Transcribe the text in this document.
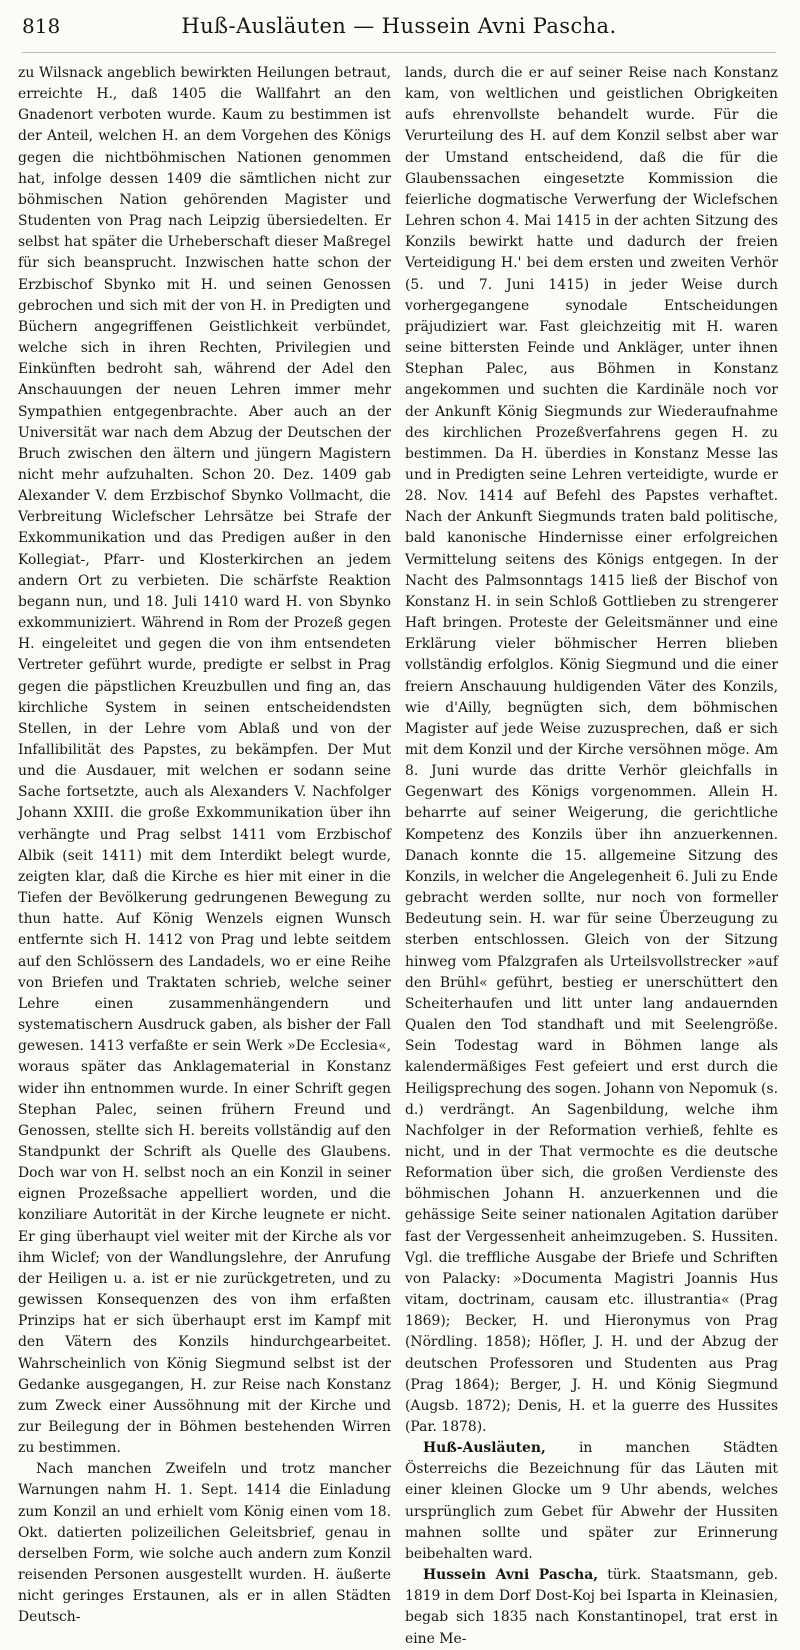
818	Huß-Ausläuten — Hussein Avni Pascha.

zu Wilsnack angeblich bewirkten Heilungen betraut, erreichte H., daß 1405 die Wallfahrt an den Gnadenort verboten wurde. Kaum zu bestimmen ist der Anteil, welchen H. an dem Vorgehen des Königs gegen die nichtböhmischen Nationen genommen hat, infolge dessen 1409 die sämtlichen nicht zur böhmischen Nation gehörenden Magister und Studenten von Prag nach Leipzig übersiedelten. Er selbst hat später die Urheberschaft dieser Maßregel für sich beansprucht. Inzwischen hatte schon der Erzbischof Sbynko mit H. und seinen Genossen gebrochen und sich mit der von H. in Predigten und Büchern angegriffenen Geistlichkeit verbündet, welche sich in ihren Rechten, Privilegien und Einkünften bedroht sah, während der Adel den Anschauungen der neuen Lehren immer mehr Sympathien entgegenbrachte. Aber auch an der Universität war nach dem Abzug der Deutschen der Bruch zwischen den ältern und jüngern Magistern nicht mehr aufzuhalten. Schon 20. Dez. 1409 gab Alexander V. dem Erzbischof Sbynko Vollmacht, die Verbreitung Wiclefscher Lehrsätze bei Strafe der Exkommunikation und das Predigen außer in den Kollegiat-, Pfarr- und Klosterkirchen an jedem andern Ort zu verbieten. Die schärfste Reaktion begann nun, und 18. Juli 1410 ward H. von Sbynko exkommuniziert. Während in Rom der Prozeß gegen H. eingeleitet und gegen die von ihm entsendeten Vertreter geführt wurde, predigte er selbst in Prag gegen die päpstlichen Kreuzbullen und fing an, das kirchliche System in seinen entscheidendsten Stellen, in der Lehre vom Ablaß und von der Infallibilität des Papstes, zu bekämpfen. Der Mut und die Ausdauer, mit welchen er sodann seine Sache fortsetzte, auch als Alexanders V. Nachfolger Johann XXIII. die große Exkommunikation über ihn verhängte und Prag selbst 1411 vom Erzbischof Albik (seit 1411) mit dem Interdikt belegt wurde, zeigten klar, daß die Kirche es hier mit einer in die Tiefen der Bevölkerung gedrungenen Bewegung zu thun hatte. Auf König Wenzels eignen Wunsch entfernte sich H. 1412 von Prag und lebte seitdem auf den Schlössern des Landadels, wo er eine Reihe von Briefen und Traktaten schrieb, welche seiner Lehre einen zusammenhängendern und systematischern Ausdruck gaben, als bisher der Fall gewesen. 1413 verfaßte er sein Werk »De Ecclesia«, woraus später das Anklagematerial in Konstanz wider ihn entnommen wurde. In einer Schrift gegen Stephan Palec, seinen frühern Freund und Genossen, stellte sich H. bereits vollständig auf den Standpunkt der Schrift als Quelle des Glaubens. Doch war von H. selbst noch an ein Konzil in seiner eignen Prozeßsache appelliert worden, und die konziliare Autorität in der Kirche leugnete er nicht. Er ging überhaupt viel weiter mit der Kirche als vor ihm Wiclef; von der Wandlungslehre, der Anrufung der Heiligen u. a. ist er nie zurückgetreten, und zu gewissen Konsequenzen des von ihm erfaßten Prinzips hat er sich überhaupt erst im Kampf mit den Vätern des Konzils hindurchgearbeitet. Wahrscheinlich von König Siegmund selbst ist der Gedanke ausgegangen, H. zur Reise nach Konstanz zum Zweck einer Aussöhnung mit der Kirche und zur Beilegung der in Böhmen bestehenden Wirren zu bestimmen.

Nach manchen Zweifeln und trotz mancher Warnungen nahm H. 1. Sept. 1414 die Einladung zum Konzil an und erhielt vom König einen vom 18. Okt. datierten polizeilichen Geleitsbrief, genau in derselben Form, wie solche auch andern zum Konzil reisenden Personen ausgestellt wurden. H. äußerte nicht geringes Erstaunen, als er in allen Städten Deutsch-

lands, durch die er auf seiner Reise nach Konstanz kam, von weltlichen und geistlichen Obrigkeiten aufs ehrenvollste behandelt wurde. Für die Verurteilung des H. auf dem Konzil selbst aber war der Umstand entscheidend, daß die für die Glaubenssachen eingesetzte Kommission die feierliche dogmatische Verwerfung der Wiclefschen Lehren schon 4. Mai 1415 in der achten Sitzung des Konzils bewirkt hatte und dadurch der freien Verteidigung H.' bei dem ersten und zweiten Verhör (5. und 7. Juni 1415) in jeder Weise durch vorhergegangene synodale Entscheidungen präjudiziert war. Fast gleichzeitig mit H. waren seine bittersten Feinde und Ankläger, unter ihnen Stephan Palec, aus Böhmen in Konstanz angekommen und suchten die Kardinäle noch vor der Ankunft König Siegmunds zur Wiederaufnahme des kirchlichen Prozeßverfahrens gegen H. zu bestimmen. Da H. überdies in Konstanz Messe las und in Predigten seine Lehren verteidigte, wurde er 28. Nov. 1414 auf Befehl des Papstes verhaftet. Nach der Ankunft Siegmunds traten bald politische, bald kanonische Hindernisse einer erfolgreichen Vermittelung seitens des Königs entgegen. In der Nacht des Palmsonntags 1415 ließ der Bischof von Konstanz H. in sein Schloß Gottlieben zu strengerer Haft bringen. Proteste der Geleitsmänner und eine Erklärung vieler böhmischer Herren blieben vollständig erfolglos. König Siegmund und die einer freiern Anschauung huldigenden Väter des Konzils, wie d'Ailly, begnügten sich, dem böhmischen Magister auf jede Weise zuzusprechen, daß er sich mit dem Konzil und der Kirche versöhnen möge. Am 8. Juni wurde das dritte Verhör gleichfalls in Gegenwart des Königs vorgenommen. Allein H. beharrte auf seiner Weigerung, die gerichtliche Kompetenz des Konzils über ihn anzuerkennen. Danach konnte die 15. allgemeine Sitzung des Konzils, in welcher die Angelegenheit 6. Juli zu Ende gebracht werden sollte, nur noch von formeller Bedeutung sein. H. war für seine Überzeugung zu sterben entschlossen. Gleich von der Sitzung hinweg vom Pfalzgrafen als Urteilsvollstrecker »auf den Brühl« geführt, bestieg er unerschüttert den Scheiterhaufen und litt unter lang andauernden Qualen den Tod standhaft und mit Seelengröße. Sein Todestag ward in Böhmen lange als kalendermäßiges Fest gefeiert und erst durch die Heiligsprechung des sogen. Johann von Nepomuk (s. d.) verdrängt. An Sagenbildung, welche ihm Nachfolger in der Reformation verhieß, fehlte es nicht, und in der That vermochte es die deutsche Reformation über sich, die großen Verdienste des böhmischen Johann H. anzuerkennen und die gehässige Seite seiner nationalen Agitation darüber fast der Vergessenheit anheimzugeben. S. Hussiten. Vgl. die treffliche Ausgabe der Briefe und Schriften von Palacky: »Documenta Magistri Joannis Hus vitam, doctrinam, causam etc. illustrantia« (Prag 1869); Becker, H. und Hieronymus von Prag (Nördling. 1858); Höfler, J. H. und der Abzug der deutschen Professoren und Studenten aus Prag (Prag 1864); Berger, J. H. und König Siegmund (Augsb. 1872); Denis, H. et la guerre des Hussites (Par. 1878).

Huß-Ausläuten, in manchen Städten Österreichs die Bezeichnung für das Läuten mit einer kleinen Glocke um 9 Uhr abends, welches ursprünglich zum Gebet für Abwehr der Hussiten mahnen sollte und später zur Erinnerung beibehalten ward.

Hussein Avni Pascha, türk. Staatsmann, geb. 1819 in dem Dorf Dost-Koj bei Isparta in Kleinasien, begab sich 1835 nach Konstantinopel, trat erst in eine Me-
